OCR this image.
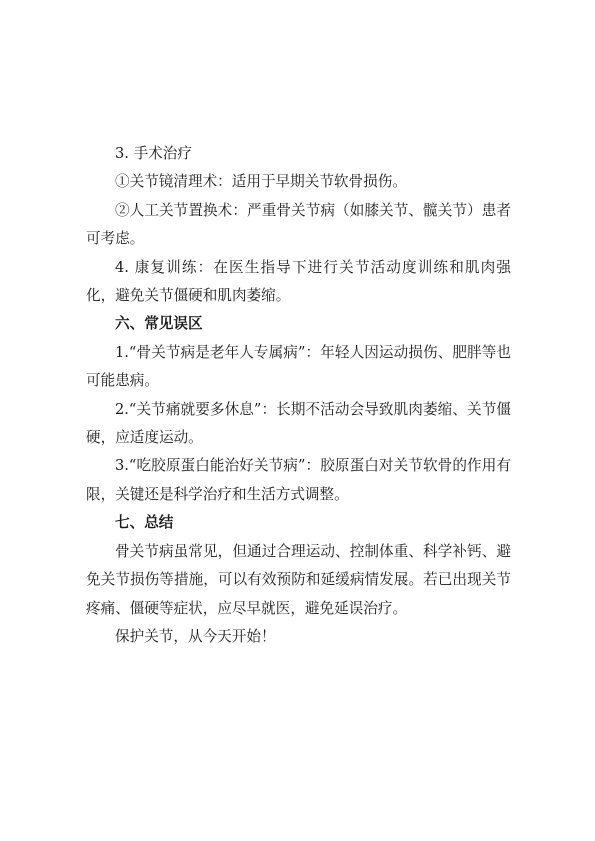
3. 手术治疗

①关节镜清理术：适用于早期关节软骨损伤。

②人工关节置换术：严重骨关节病（如膝关节、髋关节）患者可考虑。

4. 康复训练：在医生指导下进行关节活动度训练和肌肉强化，避免关节僵硬和肌肉萎缩。

六、常见误区

1.“骨关节病是老年人专属病”：年轻人因运动损伤、肥胖等也可能患病。

2.“关节痛就要多休息”：长期不活动会导致肌肉萎缩、关节僵硬，应适度运动。

3.“吃胶原蛋白能治好关节病”：胶原蛋白对关节软骨的作用有限，关键还是科学治疗和生活方式调整。

七、总结

骨关节病虽常见，但通过合理运动、控制体重、科学补钙、避免关节损伤等措施，可以有效预防和延缓病情发展。若已出现关节疼痛、僵硬等症状，应尽早就医，避免延误治疗。

保护关节，从今天开始！
